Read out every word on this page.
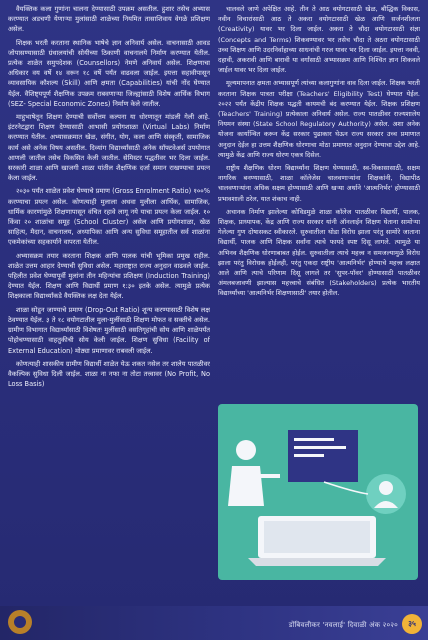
वैयक्तिक कला गुणांना चालना देण्यासाठी उपक्रम असतील. हुशार तसेच अभ्यास करण्यात अडचणी येणाऱ्या मुलांसाठी शाळेच्या नियमित तासाशिवाय वेगळे प्रशिक्षण असेल.

शिक्षक भरती करताना स्थानिक भाषेचे ज्ञान अनिवार्य असेल. वाचनासाठी आवड जोपासण्यासाठी ग्रंथालयांची सोयीच्या ठिकाणी वाचनालये निर्माण करण्यात येतील. प्रत्येक शाळेत समुपदेशक (Counsellors) नेमणे अनिवार्य असेल. शिक्षणाचा अधिकार वय वर्षे १४ वरून १८ वर्षे पर्यंत वाढवला जाईल. इयत्ता सहावीपासून व्यावसायिक कौशल्य (Skill) आणि क्षमता (Capabilities) यांची नोंद घेण्यात येईल. वैशिष्ट्यपूर्ण शैक्षणिक उपक्रम राबवणाऱ्या जिल्ह्यांसाठी विशेष आर्थिक विभाग (SEZ- Special Economic Zones) निर्माण केले जातील.

माहुभाषेतून शिक्षण देण्याची सर्वोत्तम कल्पना या धोरणातून मांडली गेली आहे. इंटरनेटद्वारा शिक्षण देण्यासाठी आभासी प्रयोगशाळा (Virtual Labs) निर्माण करण्यात येतील. अभ्यासक्रमात खेळ, संगीत, योग, कला आणि संस्कृती, सामाजिक कार्य असे अनेक विषय असतील. दिव्यांग विद्यार्थ्यांसाठी अनेक सॉफ्टवेअर्स उपयोगात आणली जातील तसेच विकसित केली जातील. सेमिस्टर पद्धतीवर भर दिला जाईल. सरकारी शाळा आणि खाजगी शाळा यांतील शैक्षणिक दर्जा समान राखण्याचा प्रयत्न केला जाईल.

२०३० पर्यंत शाळेत प्रवेश घेण्याचे प्रमाण (Gross Enrolment Ratio) १००% करण्याचा प्रयत्न असेल. कोणत्याही मुलाला अथवा मुलीला आर्थिक, सामाजिक, धार्मिक कारणांमुळे शिक्षणापासून वंचित रहावे लागू नये याचा प्रयत्न केला जाईल. १० किंवा २० शाळांचा समूह (School Cluster) असेल आणि प्रयोगशाळा, खेळ साहित्य, मैदान, वाचनालय, अध्यापिका आणि अन्य सुविधा समूहातील सर्व शाळांना एकमेकांच्या सहकार्याने वापरता येतील.

अभ्यासक्रम तयार करताना शिक्षक आणि पालक यांची भूमिका प्रमुख राहील. शाळेत उत्तम आहार देण्याची सुविधा असेल. महाराष्ट्रात राज्य अनुदान वाढवले जाईल. पहिलीत प्रवेश घेण्यापूर्वी मुलांना तीन महिन्यांचा प्रशिक्षण (Induction Training) देण्यात येईल. शिक्षण आणि विद्यार्थी प्रमाण १:३० इतके असेल. त्यामुळे प्रत्येक शिक्षकाला विद्यार्थ्यांकडे वैयक्तिक लक्ष देता येईल.

शाळा सोडून जाण्याचे प्रमाण (Drop-Out Ratio) शून्य करण्यासाठी विशेष लक्ष ठेवण्यात येईल. ३ ते १८ वयोगटातील मुला-मुलींसाठी शिक्षण मोफत व सक्तीचे असेल. ग्रामीण विभागात विद्यार्थ्यांसाठी विशेषतः मुलींसाठी वसतिगृहांची सोय आणि शाळेपर्यंत पोहोचण्यासाठी वाहतुकीची सोय केली जाईल. शिक्षण सुविधा (Facility of External Education) मोठ्या प्रमाणावर राबवली जाईल.

कोणत्याही शासकीय ग्रामीण विद्यार्थी शाळेत येऊ शकत नसेल तर शालेय पातळीवर वैकल्पिक सुविधा दिली जाईल. शाळा ना नफा ना तोटा तत्त्वावर (No Profit, No Loss Basis)

चालवले जाणे अपेक्षित आहे. तीन ते आठ वयोगटासाठी खेळ, बौद्धिक विकास, नवीन विचारांसाठी आठ ते अकरा वयोगटासाठी खेळ आणि सर्जनशीलता (Creativity) यावर भर दिला जाईल. अकरा ते चौदा वयोगटासाठी संज्ञा (Concepts and Terms) शिकवण्यावर भर तसेच चौदा ते अठरा वयोगटासाठी उच्च शिक्षण आणि उदरनिर्वाहाच्या साधनांची गरज यावर भर दिला जाईल. इयत्ता नववी, दहावी, अकरावी आणि बारावी या वर्गांसाठी अभ्यासक्रम आणि निश्चित ज्ञान शिकवले जाईल यावर भर दिला जाईल.

मूल्यमापनात क्षमता अभ्यासपूर्ण त्यांच्या कलागुणांना वाव दिला जाईल. शिक्षक भरती करताना शिक्षक पात्रता परीक्षा (Teachers' Eligibility Test) घेण्यात येईल. २०२२ पर्यंत केंद्रीय शिक्षक पद्धती कायमची बंद करण्यात येईल. शिक्षक प्रशिक्षण (Teachers' Training) प्रत्येकाला अनिवार्य असेल. राज्य पातळीवर राज्यशालेय नियमन संस्था (State School Regulatory Authority) असेल. अशा अनेक योजना कार्यान्वित करून केंद्र सरकार पुढाकार घेऊन राज्य सरकार उच्च प्रमाणात अनुदान देईल हा उत्तम शैक्षणिक धोरणाचा मोठा प्रमाणात अनुदान देण्याचा उद्देश आहे. त्यामुळे केंद्र आणि राज्य धोरण एकत्र दिसेल.

राष्ट्रीय शैक्षणिक धोरण विद्यार्थ्यांना शिक्षण घेण्यासाठी, स्व-विकासासाठी, सक्षम नागरिक बनण्यासाठी, शाळा कॉलेजेस चालवणाऱ्यांना शिक्षकांनी, विद्यापीठ चालवणाऱ्यांना अधिक सक्षम होण्यासाठी आणि खऱ्या अर्थाने 'आत्मनिर्भर' होण्यासाठी प्रभावशाली ठरेल, यात शंकाच नाही.

अचानक निर्माण झालेल्या कोविडमुळे शाळा कॉलेज पातळीवर विद्यार्थी, पालक, शिक्षक, प्राध्यापक, केंद्र आणि राज्य सरकार यांनी ऑनलाईन शिक्षण घेताना सामोऱ्या गेलेल्या गुण दोषासकट स्वीकारले. सुरुवातीला थोडा विरोध झाला परंतु सामोरे जाताना विद्यार्थी, पालक आणि शिक्षक सर्वांना त्याचे फायदे स्पष्ट दिसू लागले. त्यामुळे या अभिनव शैक्षणिक धोरणाबाबत होईल. सुरुवातीला त्याचे महत्त्व न समजल्यामुळे विरोध झाला परंतु विरोधक होईलही, परंतु एकदा राष्ट्रीय 'आत्मनिर्भर' होण्याचे महत्त्व लक्षात आले आणि त्याचे परिणाम दिसू लागले तर 'सुपर-पॉवर' होण्यासाठी पातळीवर अंमलबजावणी झाल्यास महत्त्वाचे संबंधित (Stakeholders) प्रत्येक भारतीय विद्यार्थ्यांच्या 'आत्मनिर्भर शिक्षणासाठी' तयार होतील.

डोंबिवलीकर 'नवलाई' दिवाळी अंक २०२०	३५
